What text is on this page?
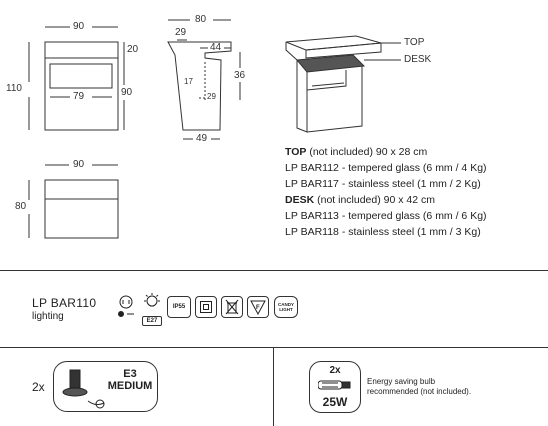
90
20
110	90
79
80
29
44
36
17
29
49
TOP
DESK
90
80
TOP (not included) 90 x 28 cm
LP BAR112 - tempered glass (6 mm / 4 Kg)
LP BAR117 - stainless steel (1 mm / 2 Kg)
DESK (not included) 90 x 42 cm
LP BAR113 - tempered glass (6 mm / 6 Kg)
LP BAR118 - stainless steel (1 mm / 3 Kg)
LP BAR110
lighting	E27
IP55	F
CANDY LIGHT
2x
E3
MEDIUM
2x
25W
Energy saving bulb
recommended (not included).
